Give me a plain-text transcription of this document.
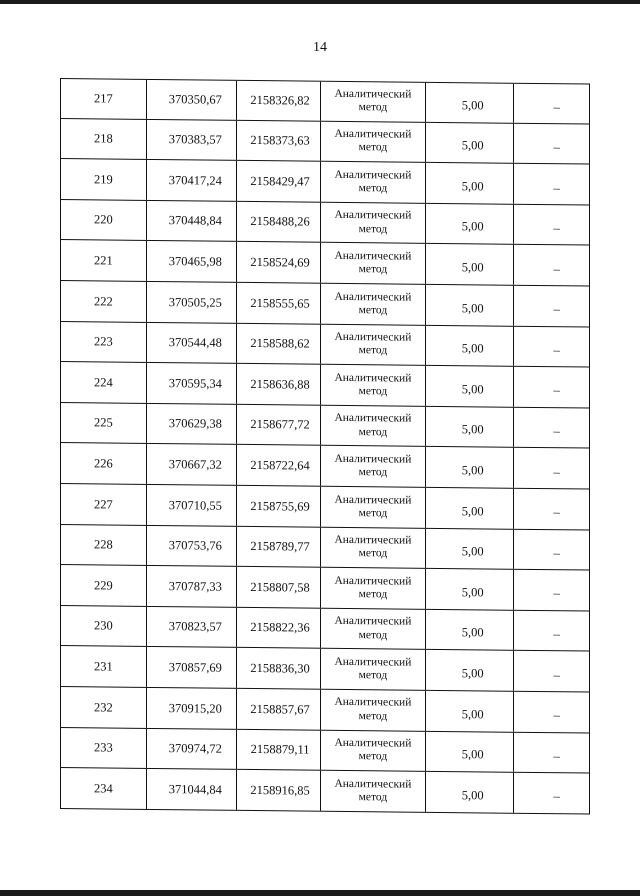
14
217	370350,67	2158326,82	Аналитический метод	5,00	–
218	370383,57	2158373,63	Аналитический метод	5,00	–
219	370417,24	2158429,47	Аналитический метод	5,00	–
220	370448,84	2158488,26	Аналитический метод	5,00	–
221	370465,98	2158524,69	Аналитический метод	5,00	–
222	370505,25	2158555,65	Аналитический метод	5,00	–
223	370544,48	2158588,62	Аналитический метод	5,00	–
224	370595,34	2158636,88	Аналитический метод	5,00	–
225	370629,38	2158677,72	Аналитический метод	5,00	–
226	370667,32	2158722,64	Аналитический метод	5,00	–
227	370710,55	2158755,69	Аналитический метод	5,00	–
228	370753,76	2158789,77	Аналитический метод	5,00	–
229	370787,33	2158807,58	Аналитический метод	5,00	–
230	370823,57	2158822,36	Аналитический метод	5,00	–
231	370857,69	2158836,30	Аналитический метод	5,00	–
232	370915,20	2158857,67	Аналитический метод	5,00	–
233	370974,72	2158879,11	Аналитический метод	5,00	–
234	371044,84	2158916,85	Аналитический метод	5,00	–
